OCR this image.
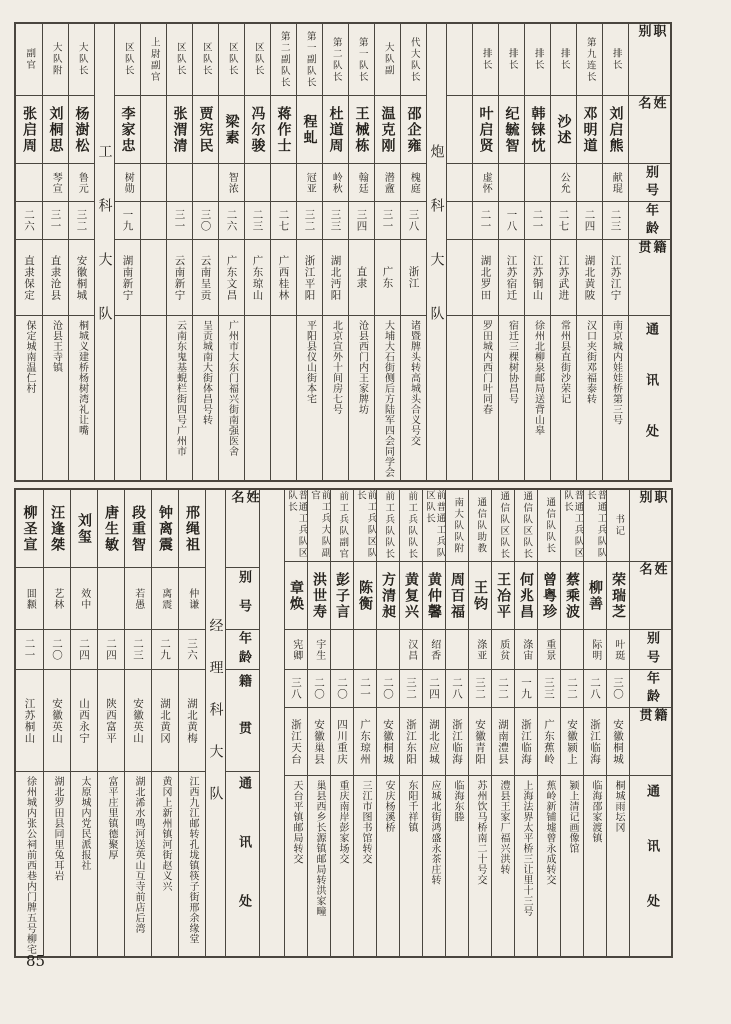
职别
姓名
别号
年龄
籍贯
通讯处
排长
刘启熊
献琨
二三
江苏江宁
南京城内娃娃桥第三号
第九连长
邓明道
二四
湖北黄陂
汉口夹街邓福泰转
排长
沙述
公允
二七
江苏武进
常州县直街沙荣记
排长
韩铼忱
二一
江苏铜山
徐州北柳泉邮局送背山皋
排长
纪毓智
一八
江苏宿迁
宿迁三棵树协昌号
排长
叶启贤
虚怀
二一
湖北罗田
罗田城内西门叶同春
炮科大队
代大队长
邵企雍
槐庭
三八
浙江
诸暨牌头转高城头合义号交
大队副
温克刚
潜盦
三一
广东
大埔大石街侧后方陆军四会同学会
第一队长
王械栋
翰廷
三四
直隶
沧县西门内王家牌坊
第二队长
杜道周
岭秋
三三
湖北沔阳
北京宣外十间房七号
第一副队长
程虬
冠亚
三二
浙江平阳
平阳县仪山街本宅
第二副队长
蒋作士
二七
广西桂林
区队长
冯尔骏
二三
广东琼山
区队长
梁素
智浓
二六
广东文昌
广州市大东门福兴街南强医舍
区队长
贾宪民
三〇
云南呈贡
呈贡城南大街体昌号转
区队长
张渭清
三一
云南新宁
云南东鬼基蜺栏街四号广州市
上尉副官
区队长
李家忠
树勋
一九
湖南新宁
工科大队
大队长
杨澍松
鲁元
三二
安徽桐城
桐城义建桥杨树湾礼让嘴
大队附
刘桐思
琴宣
三一
直隶沧县
沧县王寺镇
副官
张启周
二六
直隶保定
保定城南温仁村
职别
姓名
别号
年龄
籍贯
通讯处
书记
荣瑞芝
叶珽
三〇
安徽桐城
桐城雨坛冈
普通工兵队队长
柳善
际明
二八
浙江临海
临海邵家渡镇
普通工兵队区队长
蔡乘波
二二
安徽颍上
颍上清记画像馆
通信队队长
曾粤珍
重景
三三
广东蕉岭
蕉岭新铺墟曾永成转交
通信队区队长
何兆昌
涤宙
一九
浙江临海
上海法界太平桥三让里十三号
通信队区队长
王冶平
质贫
二二
湖南澧县
澧县王家厂福兴洪转
通信队助教
王钧
涤亚
三二
安徽青阳
苏州饮马桥南二十号交
南大队队附
周百福
二八
浙江临海
临海东塍
前普通工兵队区队长
黄仲馨
绍香
二四
湖北应城
应城北街鸿盛永茶庄转
前工兵队队长
黄复兴
汉昌
三二
浙江东阳
东阳千祥镇
前工兵队队长
方清昶
二〇
安徽桐城
安庆杨溪桥
前工兵队区队长
陈衡
二一
广东琼州
三江市图书馆转交
前工兵队副官
彭子言
二〇
四川重庆
重庆南岸彭家场交
前工兵大队副官
洪世寿
宇生
二〇
安徽巢县
巢县西乡长源镇邮局转洪家疃
普通工兵队区队长
章焕
宪卿
三八
浙江天台
天台平镇邮局转交
姓名
别号
年龄
籍贯
通讯处
经理科大队
邢绳祖
仲谦
三六
湖北黄梅
江西九江邮转孔垅镇筷子街邢余缘堂
钟离震
离震
二九
湖北黄冈
黄冈上新州镇河街赵义兴
段重智
若愚
二三
安徽英山
湖北浠水鸣河送英山互寺前店后湾
唐生敏
二四
陕西富平
富平庄里镇德聚厚
刘玺
效中
二四
山西永宁
太原城内党民派报社
汪逢桀
艺林
二〇
安徽英山
湖北罗田县同里兔耳岩
柳圣宣
囬颣
二一
江苏桐山
徐州城内张公祠前西巷内门牌五号柳宅
85
